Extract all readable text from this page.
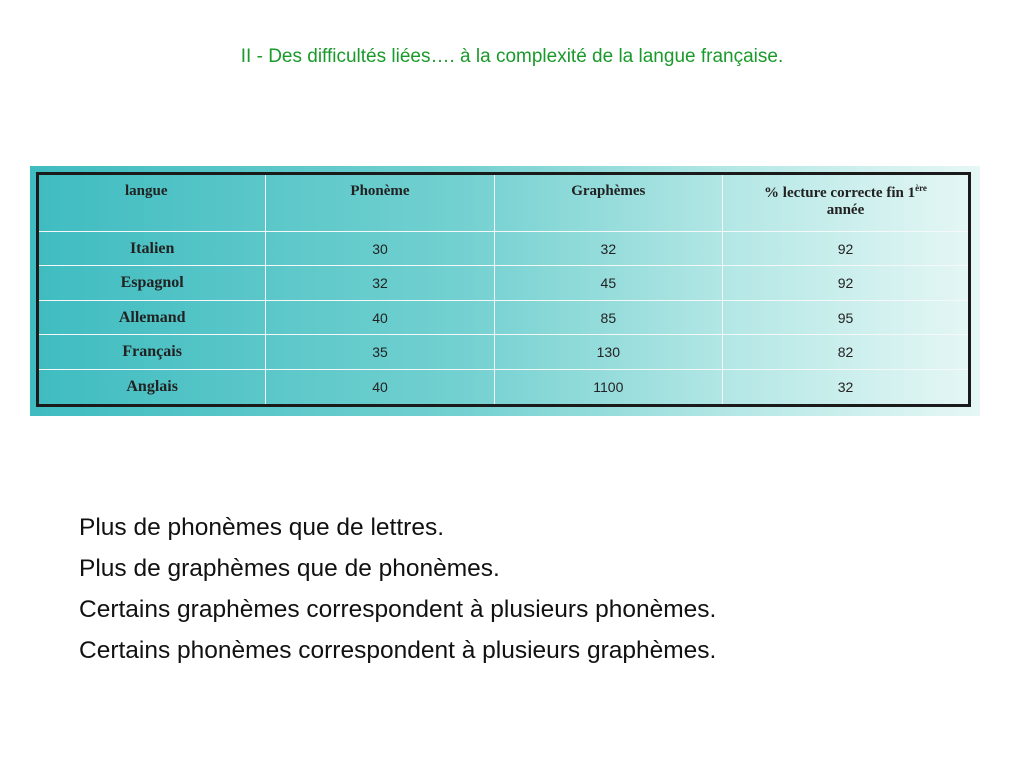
II - Des difficultés liées…. à la complexité de la langue française.
langue	Phonème	Graphèmes	% lecture correcte fin 1ère
année
Italien	30	32	92
Espagnol	32	45	92
Allemand	40	85	95
Français	35	130	82
Anglais	40	1100	32
Plus de phonèmes que de lettres.
Plus de graphèmes que de phonèmes.
Certains graphèmes correspondent à plusieurs phonèmes.
Certains phonèmes correspondent à plusieurs graphèmes.
